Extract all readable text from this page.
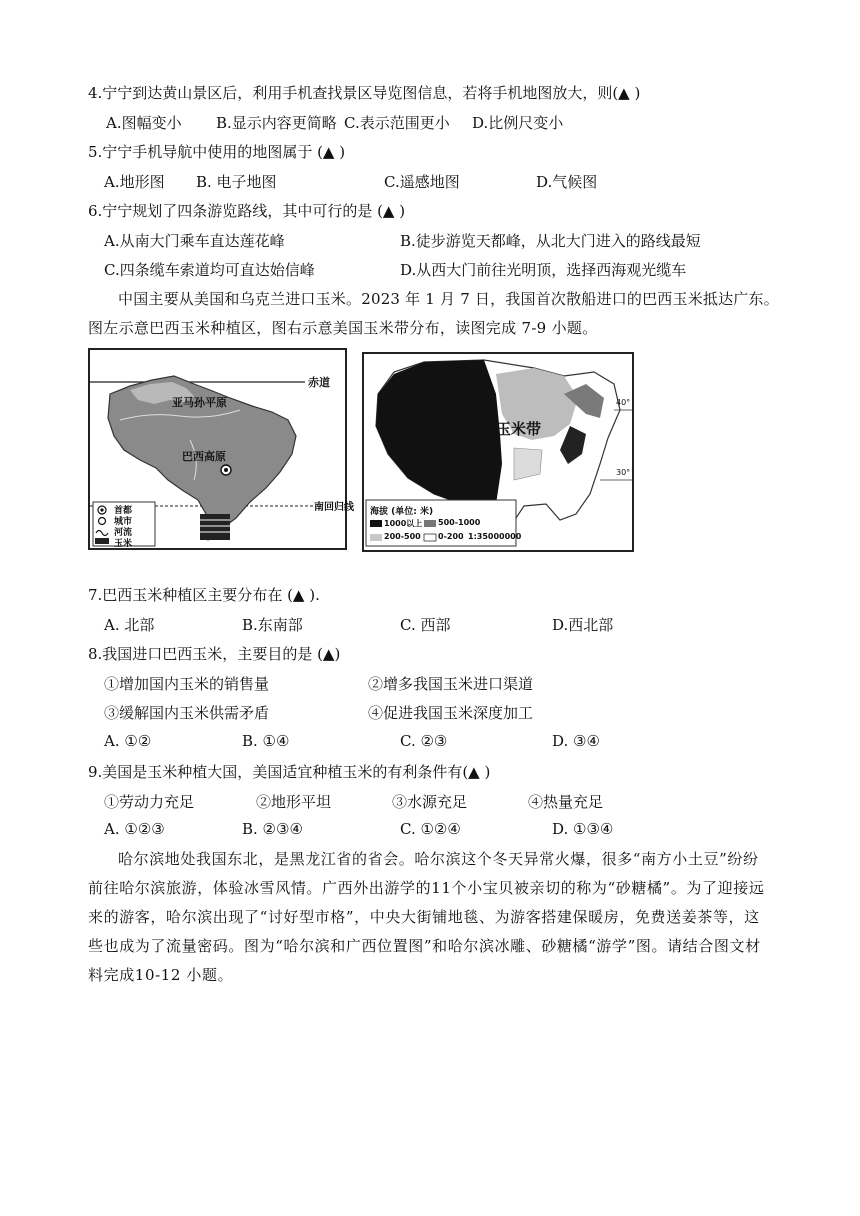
4.宁宁到达黄山景区后，利用手机查找景区导览图信息，若将手机地图放大，则(▲ )
A.图幅变小 B.显示内容更简略 C.表示范围更小 D.比例尺变小
5.宁宁手机导航中使用的地图属于 (▲ )
A.地形图 B. 电子地图	C.遥感地图	D.气候图
6.宁宁规划了四条游览路线，其中可行的是 (▲ )
A.从南大门乘车直达莲花峰	B.徒步游览天都峰，从北大门进入的路线最短
C.四条缆车索道均可直达始信峰	D.从西大门前往光明顶，选择西海观光缆车
中国主要从美国和乌克兰进口玉米。2023 年 1 月 7 日，我国首次散船进口的巴西玉米抵达广东。
图左示意巴西玉米种植区，图右示意美国玉米带分布，读图完成 7-9 小题。
赤道
南回归线
亚马孙平原
巴西高原
首都
城市
河流
玉米
玉米带
40°
30°
海拔 (单位: 米)
1000以上 500-1000
200-500 0-200 1:35000000
7.巴西玉米种植区主要分布在 (▲ ).
A. 北部	B.东南部	C. 西部	D.西北部
8.我国进口巴西玉米，主要目的是 (▲)
①增加国内玉米的销售量	②增多我国玉米进口渠道
③缓解国内玉米供需矛盾	④促进我国玉米深度加工
A. ①②	B. ①④	C. ②③	D. ③④
9.美国是玉米种植大国，美国适宜种植玉米的有利条件有(▲ )
①劳动力充足	②地形平坦	③水源充足	④热量充足
A. ①②③	B. ②③④	C. ①②④	D. ①③④
哈尔滨地处我国东北，是黑龙江省的省会。哈尔滨这个冬天异常火爆，很多“南方小土豆”纷纷前往哈尔滨旅游，体验冰雪风情。广西外出游学的11个小宝贝被亲切的称为“砂糖橘”。为了迎接远来的游客，哈尔滨出现了“讨好型市格”，中央大街铺地毯、为游客搭建保暖房，免费送姜茶等，这些也成为了流量密码。图为“哈尔滨和广西位置图”和哈尔滨冰雕、砂糖橘“游学”图。请结合图文材料完成10-12 小题。
